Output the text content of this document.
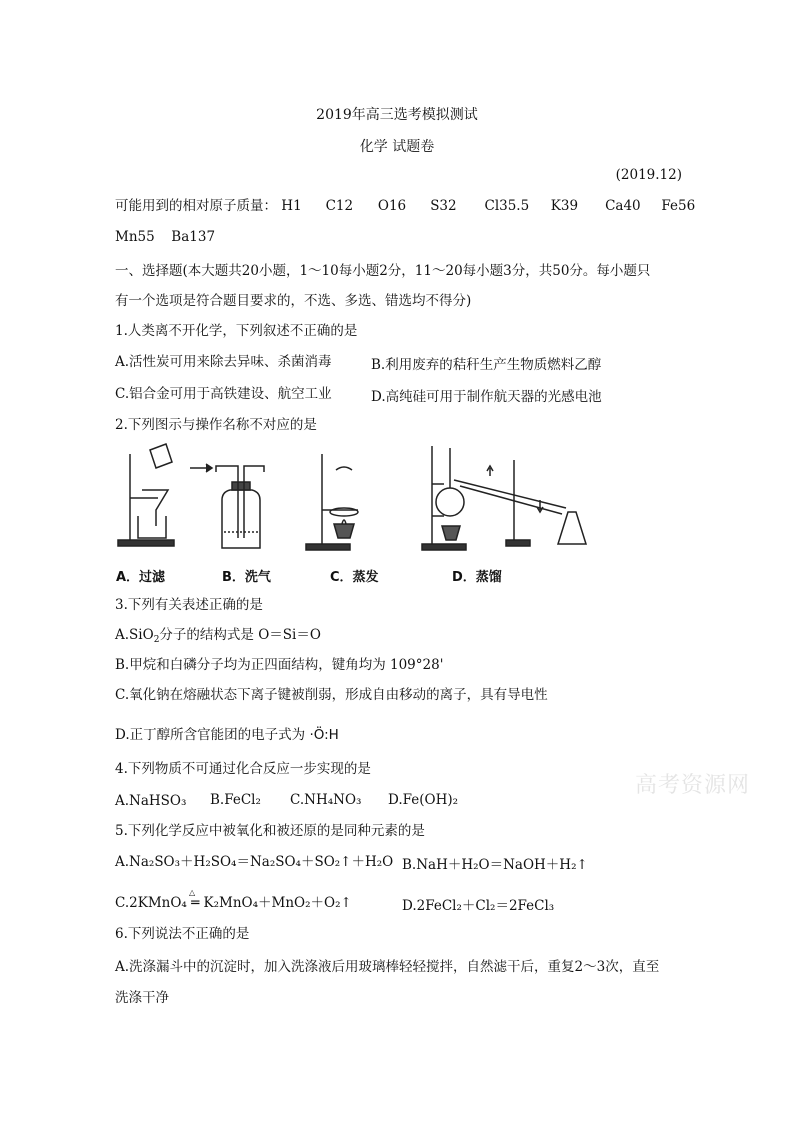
2019年高三选考模拟测试
化学 试题卷
(2019.12)
可能用到的相对原子质量： H1 C12 O16 S32 Cl35.5 K39 Ca40 Fe56
Mn55 Ba137
一、选择题(本大题共20小题，1～10每小题2分，11～20每小题3分，共50分。每小题只
有一个选项是符合题目要求的，不选、多选、错选均不得分)
1.人类离不开化学，下列叙述不正确的是
A.活性炭可用来除去异味、杀菌消毒	B.利用废弃的秸秆生产生物质燃料乙醇
C.铝合金可用于高铁建设、航空工业	D.高纯硅可用于制作航天器的光感电池
2.下列图示与操作名称不对应的是
A．过滤	B．洗气	C．蒸发	D．蒸馏
3.下列有关表述正确的是
A.SiO$_2$分子的结构式是 O＝Si＝O
B.甲烷和白磷分子均为正四面结构，键角均为 109°28'
C.氧化钠在熔融状态下离子键被削弱，形成自由移动的离子，具有导电性
D.正丁醇所含官能团的电子式为 ·Ö:H
4.下列物质不可通过化合反应一步实现的是
A.NaHSO₃ B.FeCl₂ C.NH₄NO₃ D.Fe(OH)₂
5.下列化学反应中被氧化和被还原的是同种元素的是
A.Na₂SO₃＋H₂SO₄＝Na₂SO₄＋SO₂↑＋H₂O B.NaH＋H₂O＝NaOH＋H₂↑
C.2KMnO₄ ═ K₂MnO₄＋MnO₂＋O₂↑
△
D.2FeCl₂＋Cl₂＝2FeCl₃
6.下列说法不正确的是
A.洗涤漏斗中的沉淀时，加入洗涤液后用玻璃棒轻轻搅拌，自然滤干后，重复2～3次，直至
洗涤干净
高考资源网
